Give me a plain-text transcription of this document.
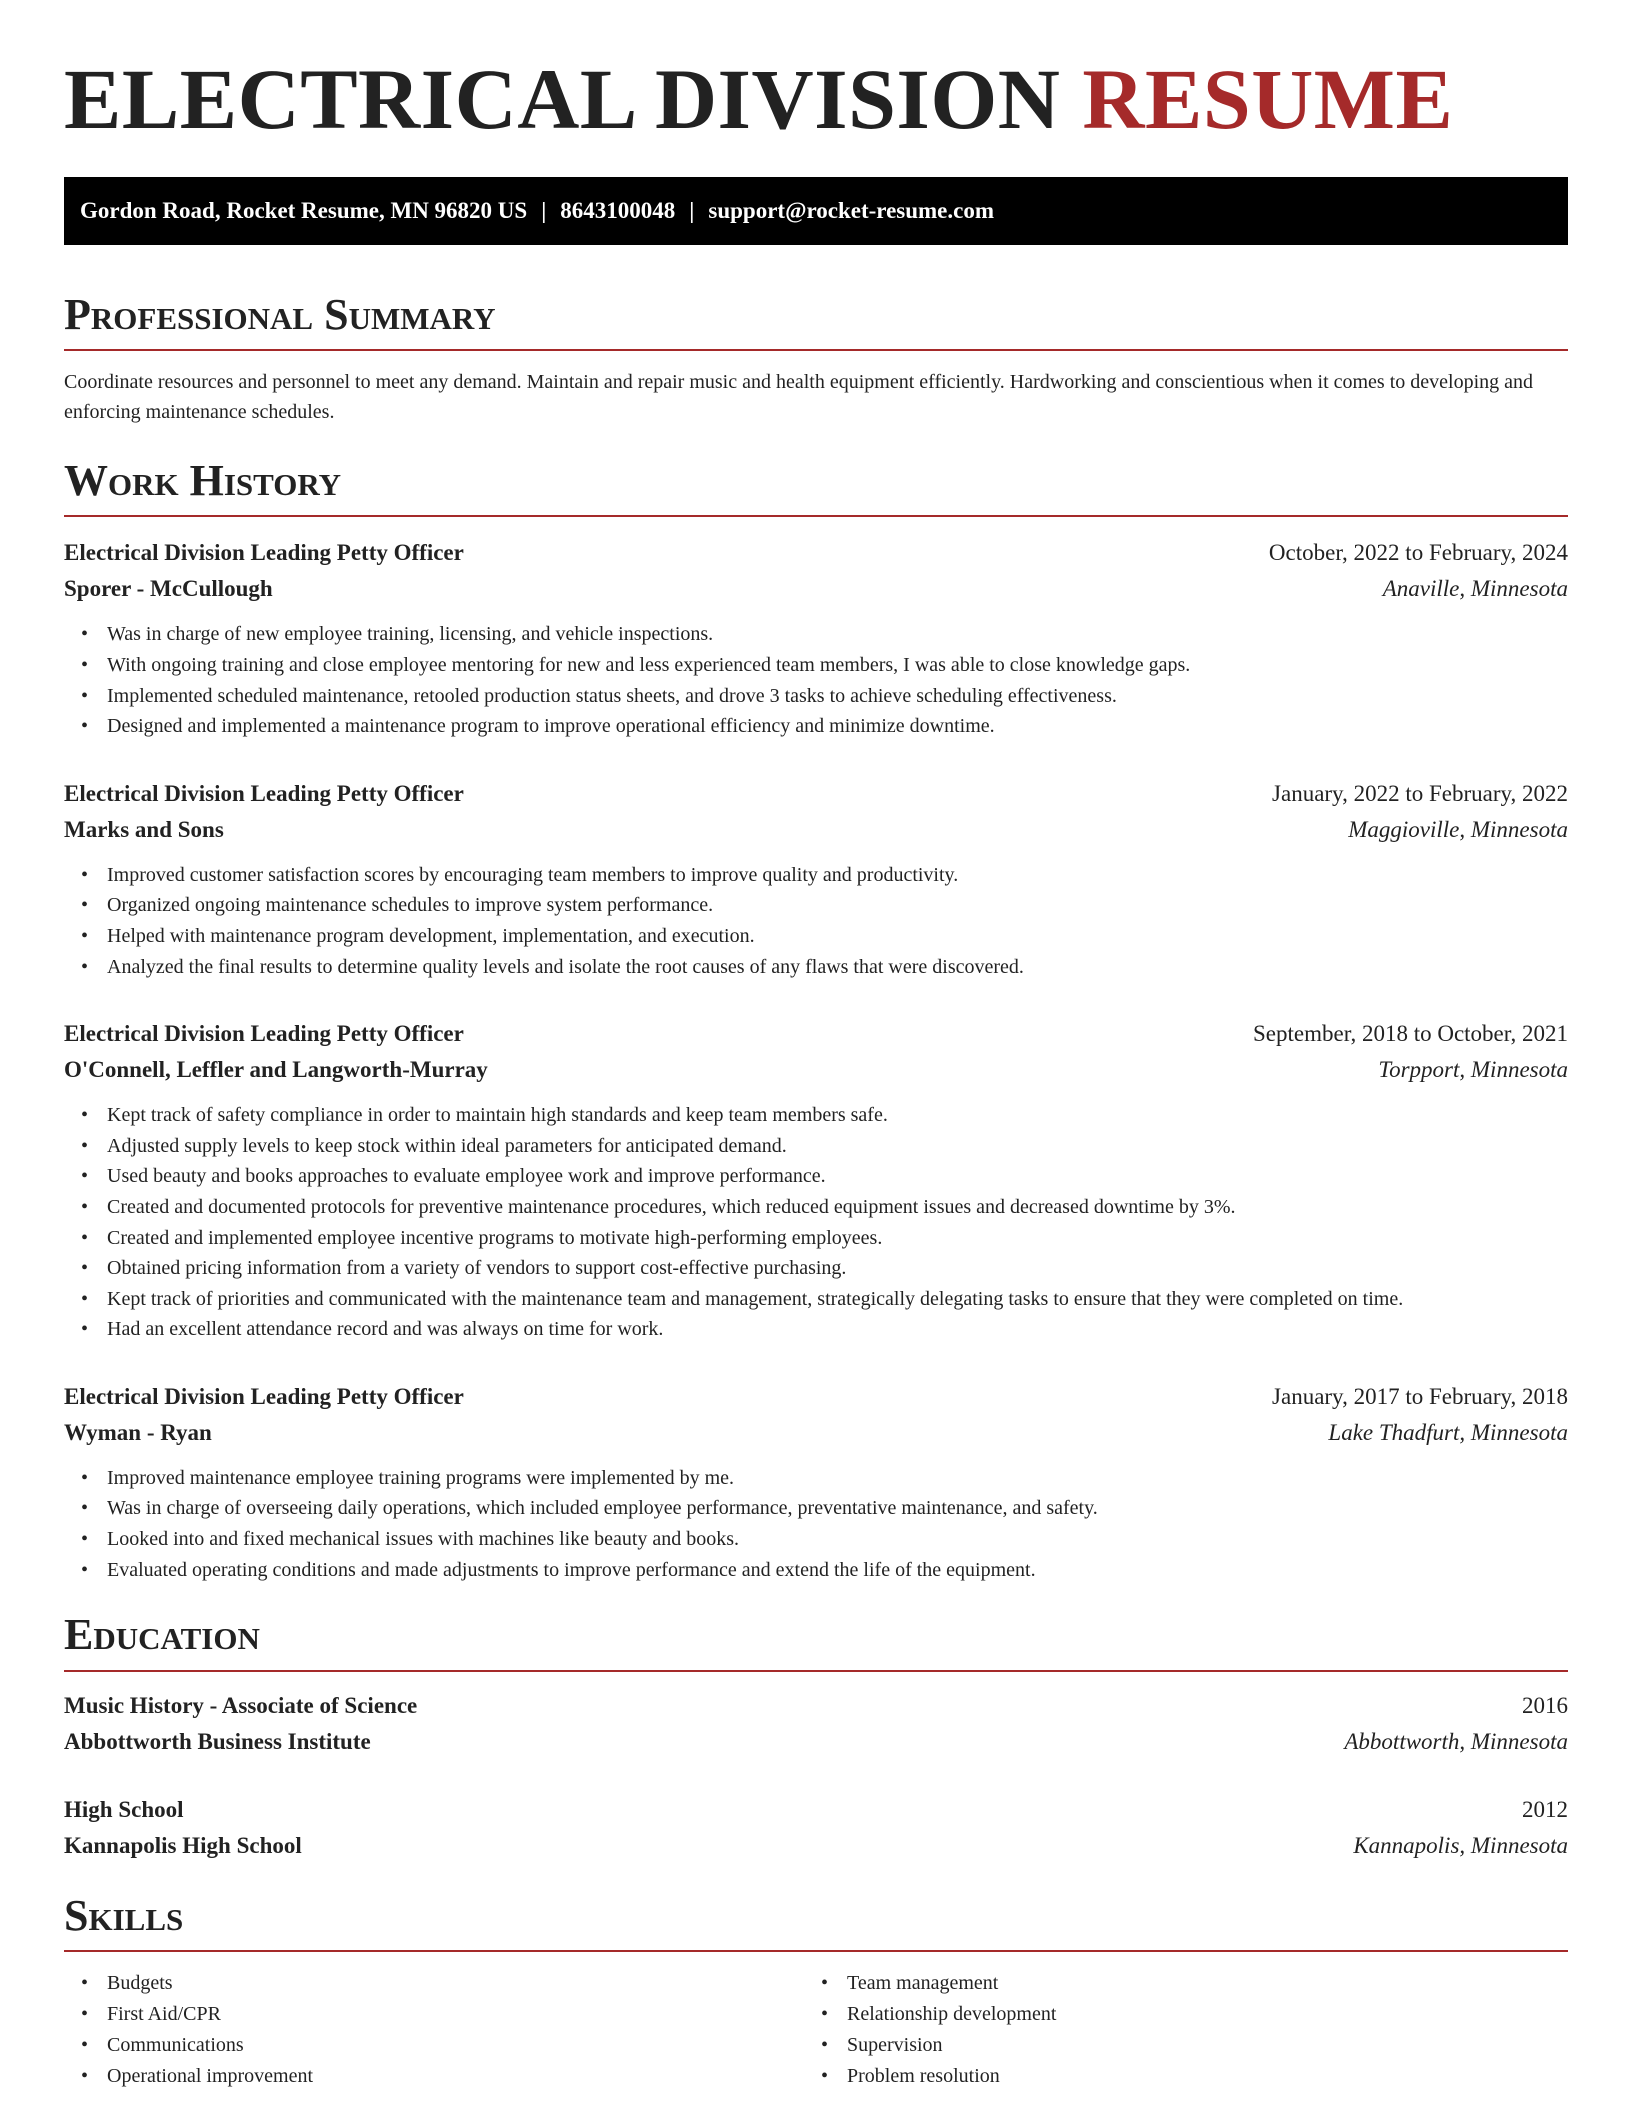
ELECTRICAL DIVISION RESUME
Gordon Road, Rocket Resume, MN 96820 US | 8643100048 | support@rocket-resume.com
Professional Summary

Coordinate resources and personnel to meet any demand. Maintain and repair music and health equipment efficiently. Hardworking and conscientious when it comes to developing and enforcing maintenance schedules.

Work History
Electrical Division Leading Petty Officer	October, 2022 to February, 2024
Sporer - McCullough	Anaville, Minnesota
• Was in charge of new employee training, licensing, and vehicle inspections.
• With ongoing training and close employee mentoring for new and less experienced team members, I was able to close knowledge gaps.
• Implemented scheduled maintenance, retooled production status sheets, and drove 3 tasks to achieve scheduling effectiveness.
• Designed and implemented a maintenance program to improve operational efficiency and minimize downtime.
Electrical Division Leading Petty Officer	January, 2022 to February, 2022
Marks and Sons	Maggioville, Minnesota
• Improved customer satisfaction scores by encouraging team members to improve quality and productivity.
• Organized ongoing maintenance schedules to improve system performance.
• Helped with maintenance program development, implementation, and execution.
• Analyzed the final results to determine quality levels and isolate the root causes of any flaws that were discovered.
Electrical Division Leading Petty Officer	September, 2018 to October, 2021
O'Connell, Leffler and Langworth-Murray	Torpport, Minnesota
• Kept track of safety compliance in order to maintain high standards and keep team members safe.
• Adjusted supply levels to keep stock within ideal parameters for anticipated demand.
• Used beauty and books approaches to evaluate employee work and improve performance.
• Created and documented protocols for preventive maintenance procedures, which reduced equipment issues and decreased downtime by 3%.
• Created and implemented employee incentive programs to motivate high-performing employees.
• Obtained pricing information from a variety of vendors to support cost-effective purchasing.
• Kept track of priorities and communicated with the maintenance team and management, strategically delegating tasks to ensure that they were completed on time.
• Had an excellent attendance record and was always on time for work.
Electrical Division Leading Petty Officer	January, 2017 to February, 2018
Wyman - Ryan	Lake Thadfurt, Minnesota
• Improved maintenance employee training programs were implemented by me.
• Was in charge of overseeing daily operations, which included employee performance, preventative maintenance, and safety.
• Looked into and fixed mechanical issues with machines like beauty and books.
• Evaluated operating conditions and made adjustments to improve performance and extend the life of the equipment.
Education
Music History - Associate of Science	2016
Abbottworth Business Institute	Abbottworth, Minnesota
High School	2012
Kannapolis High School	Kannapolis, Minnesota
Skills
• Budgets
• First Aid/CPR
• Communications
• Operational improvement
• Team management
• Relationship development
• Supervision
• Problem resolution
